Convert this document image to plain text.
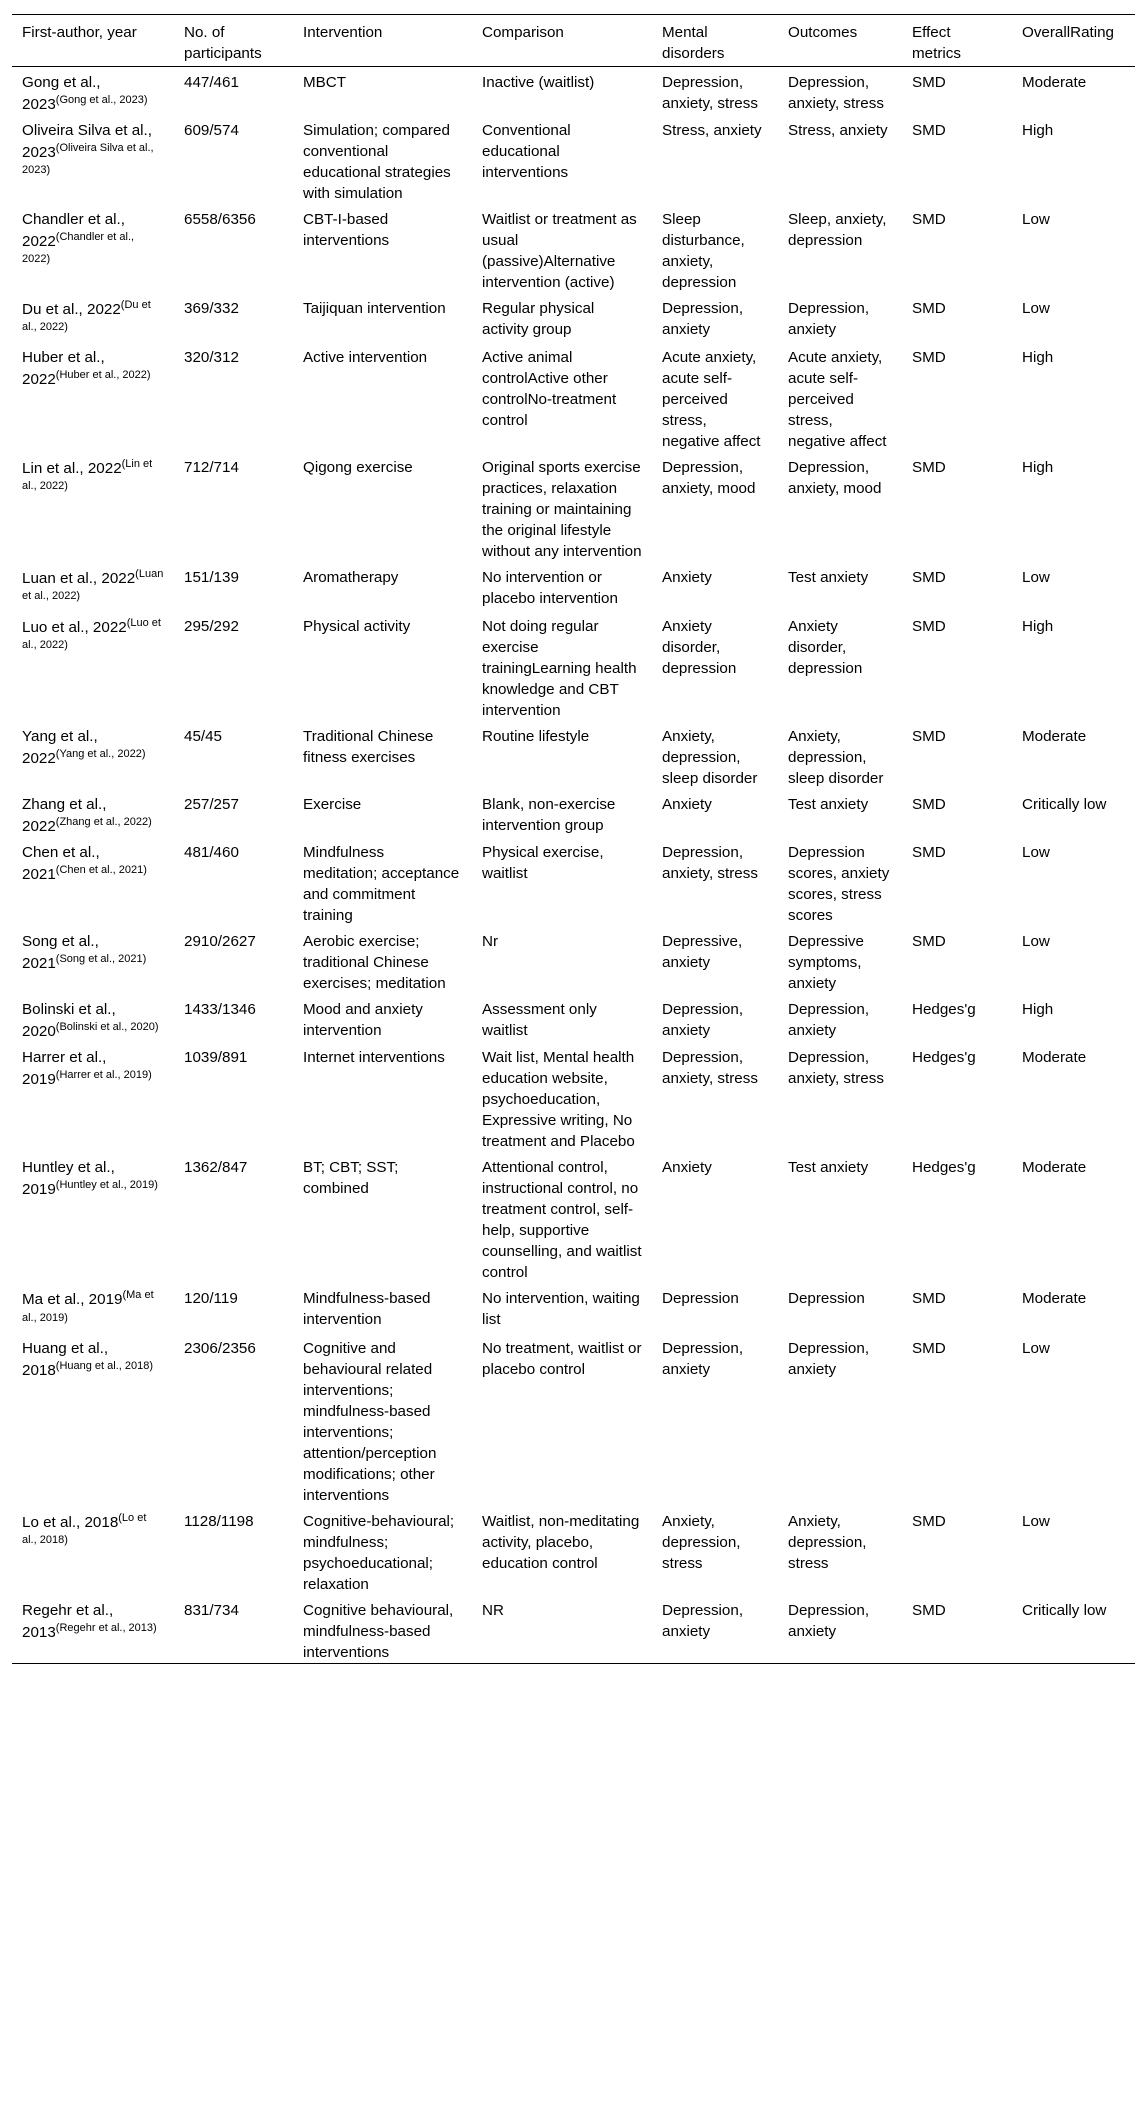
First-author, year	No. of participants	Intervention	Comparison	Mental disorders	Outcomes	Effect metrics	OverallRating
Gong et al., 2023$^{(Gong et al., 2023)}$	447/461	MBCT	Inactive (waitlist)	Depression, anxiety, stress	Depression, anxiety, stress	SMD	Moderate
Oliveira Silva et al., 2023$^{(Oliveira Silva et al., 2023)}$	609/574	Simulation; compared conventional educational strategies with simulation	Conventional educational interventions	Stress, anxiety	Stress, anxiety	SMD	High
Chandler et al., 2022$^{(Chandler et al., 2022)}$	6558/6356	CBT-I-based interventions	Waitlist or treatment as usual (passive)Alternative intervention (active)	Sleep disturbance, anxiety, depression	Sleep, anxiety, depression	SMD	Low
Du et al., 2022$^{(Du et al., 2022)}$	369/332	Taijiquan intervention	Regular physical activity group	Depression, anxiety	Depression, anxiety	SMD	Low
Huber et al., 2022$^{(Huber et al., 2022)}$	320/312	Active intervention	Active animal controlActive other controlNo-treatment control	Acute anxiety, acute self-perceived stress, negative affect	Acute anxiety, acute self-perceived stress, negative affect	SMD	High
Lin et al., 2022$^{(Lin et al., 2022)}$	712/714	Qigong exercise	Original sports exercise practices, relaxation training or maintaining the original lifestyle without any intervention	Depression, anxiety, mood	Depression, anxiety, mood	SMD	High
Luan et al., 2022$^{(Luan et al., 2022)}$	151/139	Aromatherapy	No intervention or placebo intervention	Anxiety	Test anxiety	SMD	Low
Luo et al., 2022$^{(Luo et al., 2022)}$	295/292	Physical activity	Not doing regular exercise trainingLearning health knowledge and CBT intervention	Anxiety disorder, depression	Anxiety disorder, depression	SMD	High
Yang et al., 2022$^{(Yang et al., 2022)}$	45/45	Traditional Chinese fitness exercises	Routine lifestyle	Anxiety, depression, sleep disorder	Anxiety, depression, sleep disorder	SMD	Moderate
Zhang et al., 2022$^{(Zhang et al., 2022)}$	257/257	Exercise	Blank, non-exercise intervention group	Anxiety	Test anxiety	SMD	Critically low
Chen et al., 2021$^{(Chen et al., 2021)}$	481/460	Mindfulness meditation; acceptance and commitment training	Physical exercise, waitlist	Depression, anxiety, stress	Depression scores, anxiety scores, stress scores	SMD	Low
Song et al., 2021$^{(Song et al., 2021)}$	2910/2627	Aerobic exercise; traditional Chinese exercises; meditation	Nr	Depressive, anxiety	Depressive symptoms, anxiety	SMD	Low
Bolinski et al., 2020$^{(Bolinski et al., 2020)}$	1433/1346	Mood and anxiety intervention	Assessment only waitlist	Depression, anxiety	Depression, anxiety	Hedges'g	High
Harrer et al., 2019$^{(Harrer et al., 2019)}$	1039/891	Internet interventions	Wait list, Mental health education website, psychoeducation, Expressive writing, No treatment and Placebo	Depression, anxiety, stress	Depression, anxiety, stress	Hedges'g	Moderate
Huntley et al., 2019$^{(Huntley et al., 2019)}$	1362/847	BT; CBT; SST; combined	Attentional control, instructional control, no treatment control, self-help, supportive counselling, and waitlist control	Anxiety	Test anxiety	Hedges'g	Moderate
Ma et al., 2019$^{(Ma et al., 2019)}$	120/119	Mindfulness-based intervention	No intervention, waiting list	Depression	Depression	SMD	Moderate
Huang et al., 2018$^{(Huang et al., 2018)}$	2306/2356	Cognitive and behavioural related interventions; mindfulness-based interventions; attention/perception modifications; other interventions	No treatment, waitlist or placebo control	Depression, anxiety	Depression, anxiety	SMD	Low
Lo et al., 2018$^{(Lo et al., 2018)}$	1128/1198	Cognitive-behavioural; mindfulness; psychoeducational; relaxation	Waitlist, non-meditating activity, placebo, education control	Anxiety, depression, stress	Anxiety, depression, stress	SMD	Low
Regehr et al., 2013$^{(Regehr et al., 2013)}$	831/734	Cognitive behavioural, mindfulness-based interventions	NR	Depression, anxiety	Depression, anxiety	SMD	Critically low
